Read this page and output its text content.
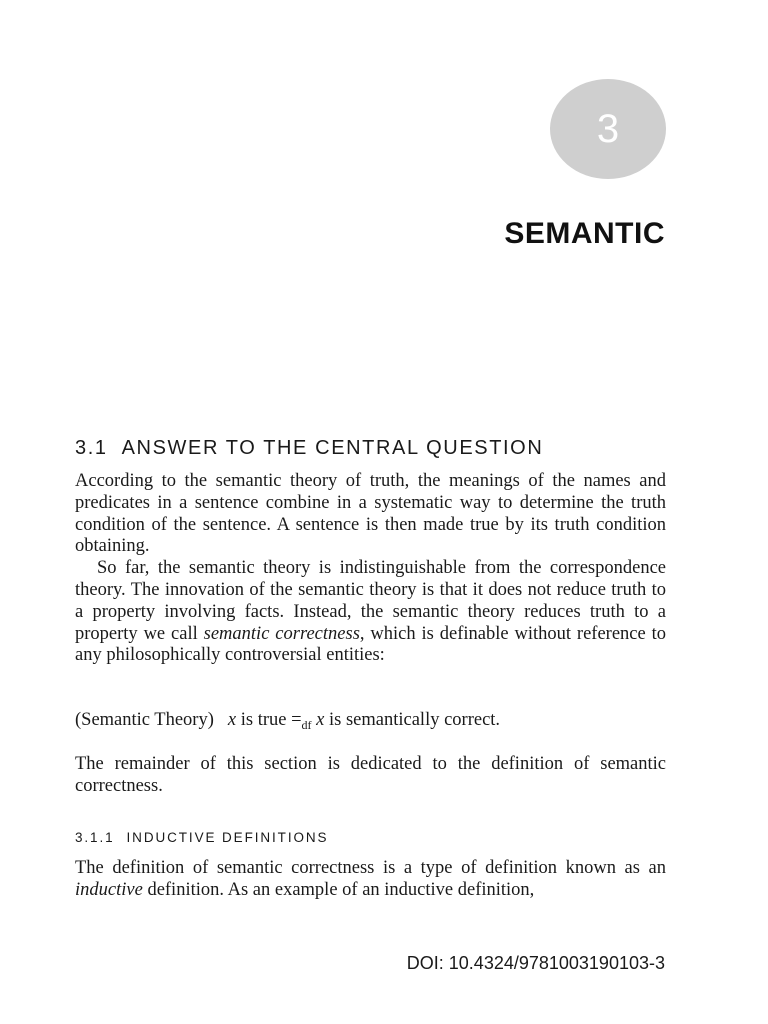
3
SEMANTIC
3.1 ANSWER TO THE CENTRAL QUESTION

According to the semantic theory of truth, the meanings of the names and predicates in a sentence combine in a systematic way to determine the truth condition of the sentence. A sentence is then made true by its truth condition obtaining.

So far, the semantic theory is indistinguishable from the correspondence theory. The innovation of the semantic theory is that it does not reduce truth to a property involving facts. Instead, the semantic theory reduces truth to a property we call semantic correctness, which is definable without reference to any philosophically controversial entities:

(Semantic Theory) x is true $=_{df}$ x is semantically correct.

The remainder of this section is dedicated to the definition of semantic correctness.

3.1.1 INDUCTIVE DEFINITIONS

The definition of semantic correctness is a type of definition known as an inductive definition. As an example of an inductive definition,

DOI: 10.4324/9781003190103-3
